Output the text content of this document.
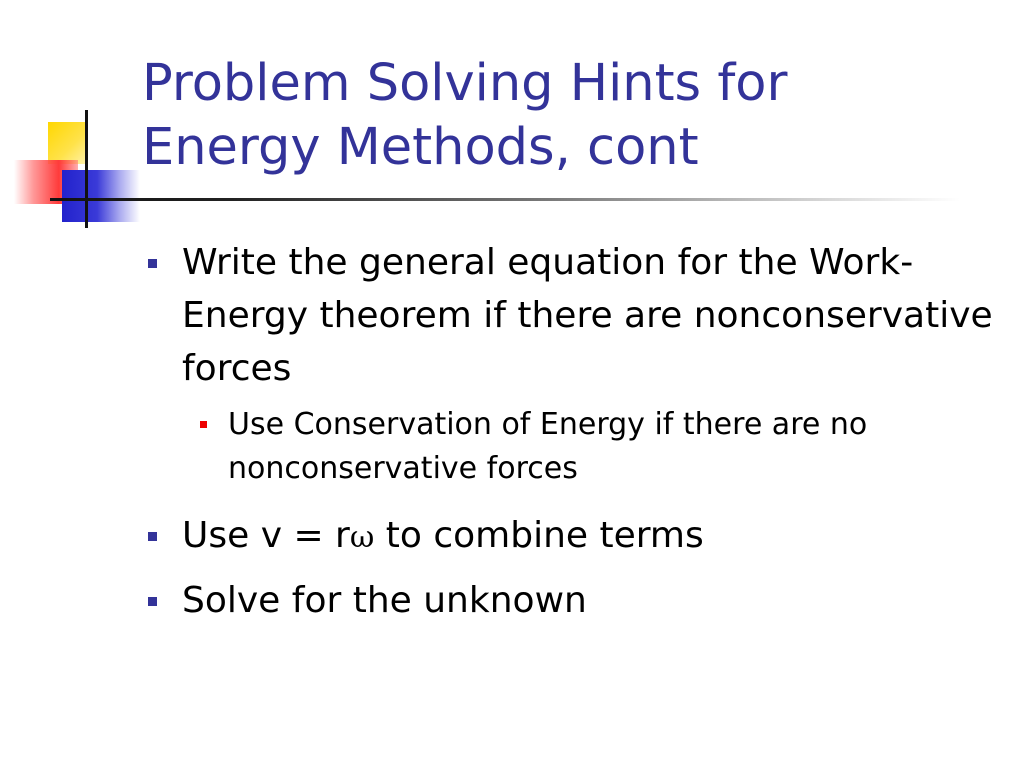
Problem Solving Hints for
Energy Methods, cont
Write the general equation for the Work-Energy theorem if there are nonconservative forces
Use Conservation of Energy if there are no nonconservative forces
Use v = rω to combine terms
Solve for the unknown
